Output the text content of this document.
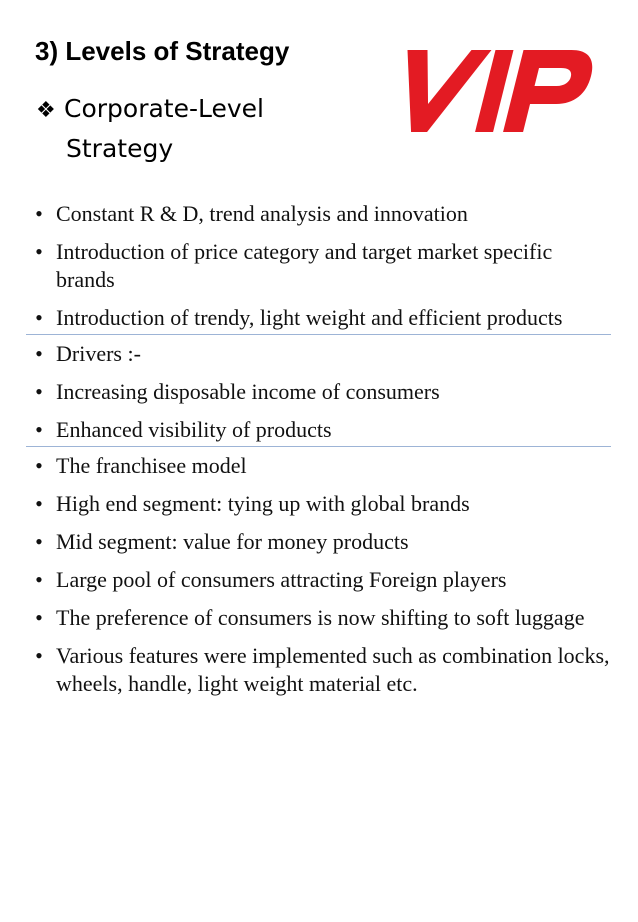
3) Levels of Strategy
❖ Corporate-Level
Strategy
• Constant R & D, trend analysis and innovation
• Introduction of price category and target market specific brands
• Introduction of trendy, light weight and efficient products
• Drivers :-
• Increasing disposable income of consumers
• Enhanced visibility of products
• The franchisee model
• High end segment: tying up with global brands
• Mid segment: value for money products
• Large pool of consumers attracting Foreign players
• The preference of consumers is now shifting to soft luggage
• Various features were implemented such as combination locks, wheels, handle, light weight material etc.
